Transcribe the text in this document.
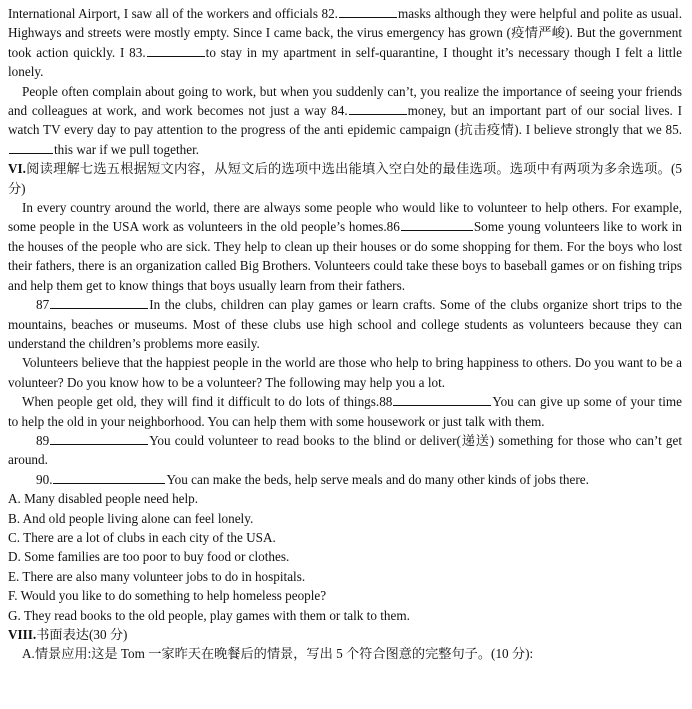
International Airport, I saw all of the workers and officials 82.	masks although they were helpful and polite as usual. Highways and streets were mostly empty. Since I came back, the virus emergency has grown (疫情严峻). But the government took action quickly. I 83.	to stay in my apartment in self-quarantine, I thought it’s necessary though I felt a little lonely.

People often complain about going to work, but when you suddenly can’t, you realize the importance of seeing your friends and colleagues at work, and work becomes not just a way 84.	money, but an important part of our social lives. I watch TV every day to pay attention to the progress of the anti epidemic campaign (抗击疫情). I believe strongly that we 85.this war if we pull together.

VI.阅读理解七选五根据短文内容，从短文后的选项中选出能填入空白处的最佳选项。选项中有两项为多余选项。(5 分)

In every country around the world, there are always some people who would like to volunteer to help others. For example, some people in the USA work as volunteers in the old people’s homes.86	Some young volunteers like to work in the houses of the people who are sick. They help to clean up their houses or do some shopping for them. For the boys who lost their fathers, there is an organization called Big Brothers. Volunteers could take these boys to baseball games or on fishing trips and help them get to know things that boys usually learn from their fathers.

87	In the clubs, children can play games or learn crafts. Some of the clubs organize short trips to the mountains, beaches or museums. Most of these clubs use high school and college students as volunteers because they can understand the children’s problems more easily.

Volunteers believe that the happiest people in the world are those who help to bring happiness to others. Do you want to be a volunteer? Do you know how to be a volunteer? The following may help you a lot.

When people get old, they will find it difficult to do lots of things.88	You can give up some of your time to help the old in your neighborhood. You can help them with some housework or just talk with them.

89	You could volunteer to read books to the blind or deliver(递送) something for those who can’t get around.

90.	You can make the beds, help serve meals and do many other kinds of jobs there.

A. Many disabled people need help.

B. And old people living alone can feel lonely.

C. There are a lot of clubs in each city of the USA.

D. Some families are too poor to buy food or clothes.

E. There are also many volunteer jobs to do in hospitals.

F. Would you like to do something to help homeless people?

G. They read books to the old people, play games with them or talk to them.

VIII.书面表达(30 分)

A.情景应用:这是 Tom 一家昨天在晚餐后的情景，写出 5 个符合图意的完整句子。(10 分):
